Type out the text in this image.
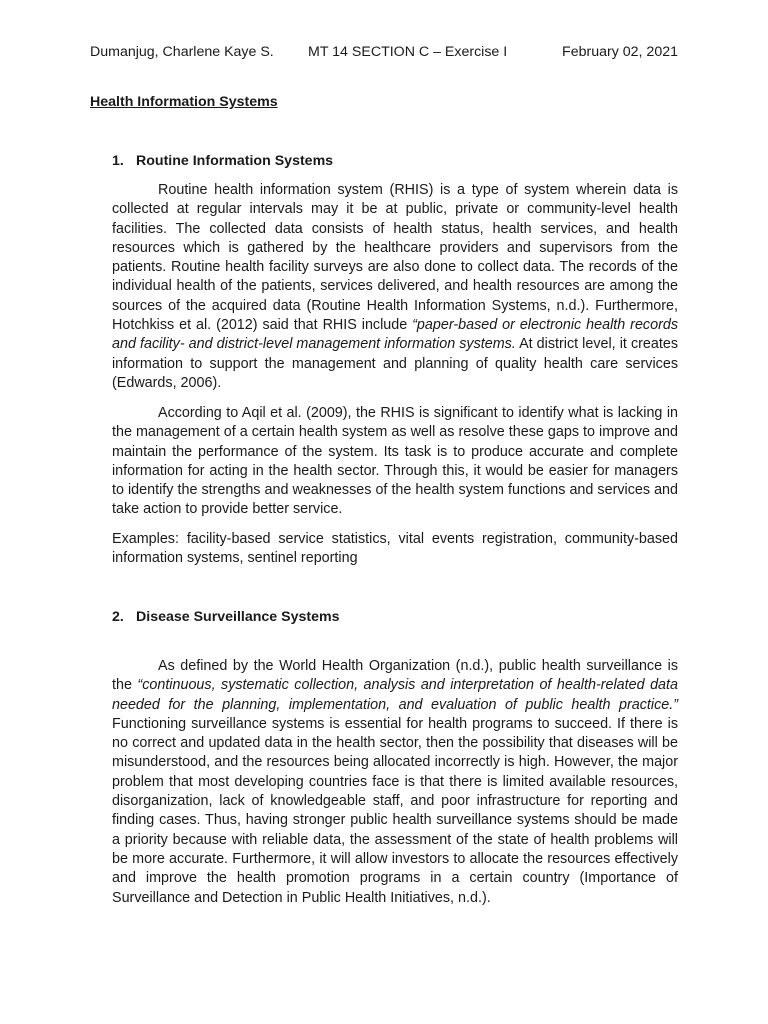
Dumanjug, Charlene Kaye S. MT 14 SECTION C – Exercise I	February 02, 2021
Health Information Systems
1. Routine Information Systems

Routine health information system (RHIS) is a type of system wherein data is collected at regular intervals may it be at public, private or community-level health facilities. The collected data consists of health status, health services, and health resources which is gathered by the healthcare providers and supervisors from the patients. Routine health facility surveys are also done to collect data. The records of the individual health of the patients, services delivered, and health resources are among the sources of the acquired data (Routine Health Information Systems, n.d.). Furthermore, Hotchkiss et al. (2012) said that RHIS include “paper-based or electronic health records and facility- and district-level management information systems. At district level, it creates information to support the management and planning of quality health care services (Edwards, 2006).

According to Aqil et al. (2009), the RHIS is significant to identify what is lacking in the management of a certain health system as well as resolve these gaps to improve and maintain the performance of the system. Its task is to produce accurate and complete information for acting in the health sector. Through this, it would be easier for managers to identify the strengths and weaknesses of the health system functions and services and take action to provide better service.

Examples: facility-based service statistics, vital events registration, community-based information systems, sentinel reporting

2. Disease Surveillance Systems

As defined by the World Health Organization (n.d.), public health surveillance is the “continuous, systematic collection, analysis and interpretation of health-related data needed for the planning, implementation, and evaluation of public health practice.” Functioning surveillance systems is essential for health programs to succeed. If there is no correct and updated data in the health sector, then the possibility that diseases will be misunderstood, and the resources being allocated incorrectly is high. However, the major problem that most developing countries face is that there is limited available resources, disorganization, lack of knowledgeable staff, and poor infrastructure for reporting and finding cases. Thus, having stronger public health surveillance systems should be made a priority because with reliable data, the assessment of the state of health problems will be more accurate. Furthermore, it will allow investors to allocate the resources effectively and improve the health promotion programs in a certain country (Importance of Surveillance and Detection in Public Health Initiatives, n.d.).
